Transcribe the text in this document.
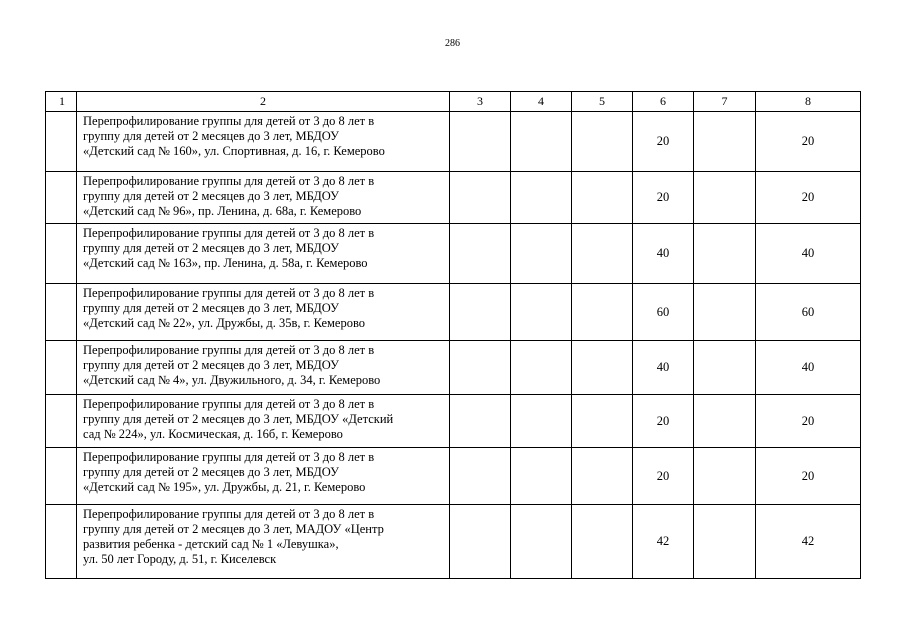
286
1	2	3	4	5	6	7	8

	Перепрофилирование группы для детей от 3 до 8 лет в
группу для детей от 2 месяцев до 3 лет, МБДОУ
«Детский сад № 160», ул. Спортивная, д. 16, г. Кемерово				20		20

	Перепрофилирование группы для детей от 3 до 8 лет в
группу для детей от 2 месяцев до 3 лет, МБДОУ
«Детский сад № 96», пр. Ленина, д. 68а, г. Кемерово				20		20

	Перепрофилирование группы для детей от 3 до 8 лет в
группу для детей от 2 месяцев до 3 лет, МБДОУ
«Детский сад № 163», пр. Ленина, д. 58а, г. Кемерово				40		40

	Перепрофилирование группы для детей от 3 до 8 лет в
группу для детей от 2 месяцев до 3 лет, МБДОУ
«Детский сад № 22», ул. Дружбы, д. 35в, г. Кемерово				60		60

	Перепрофилирование группы для детей от 3 до 8 лет в
группу для детей от 2 месяцев до 3 лет, МБДОУ
«Детский сад № 4», ул. Двужильного, д. 34, г. Кемерово				40		40

	Перепрофилирование группы для детей от 3 до 8 лет в
группу для детей от 2 месяцев до 3 лет, МБДОУ «Детский
сад № 224», ул. Космическая, д. 16б, г. Кемерово				20		20

	Перепрофилирование группы для детей от 3 до 8 лет в
группу для детей от 2 месяцев до 3 лет, МБДОУ
«Детский сад № 195», ул. Дружбы, д. 21, г. Кемерово				20		20

	Перепрофилирование группы для детей от 3 до 8 лет в
группу для детей от 2 месяцев до 3 лет, МАДОУ «Центр
развития ребенка - детский сад № 1 «Левушка»,
ул. 50 лет Городу, д. 51, г. Киселевск				42		42
